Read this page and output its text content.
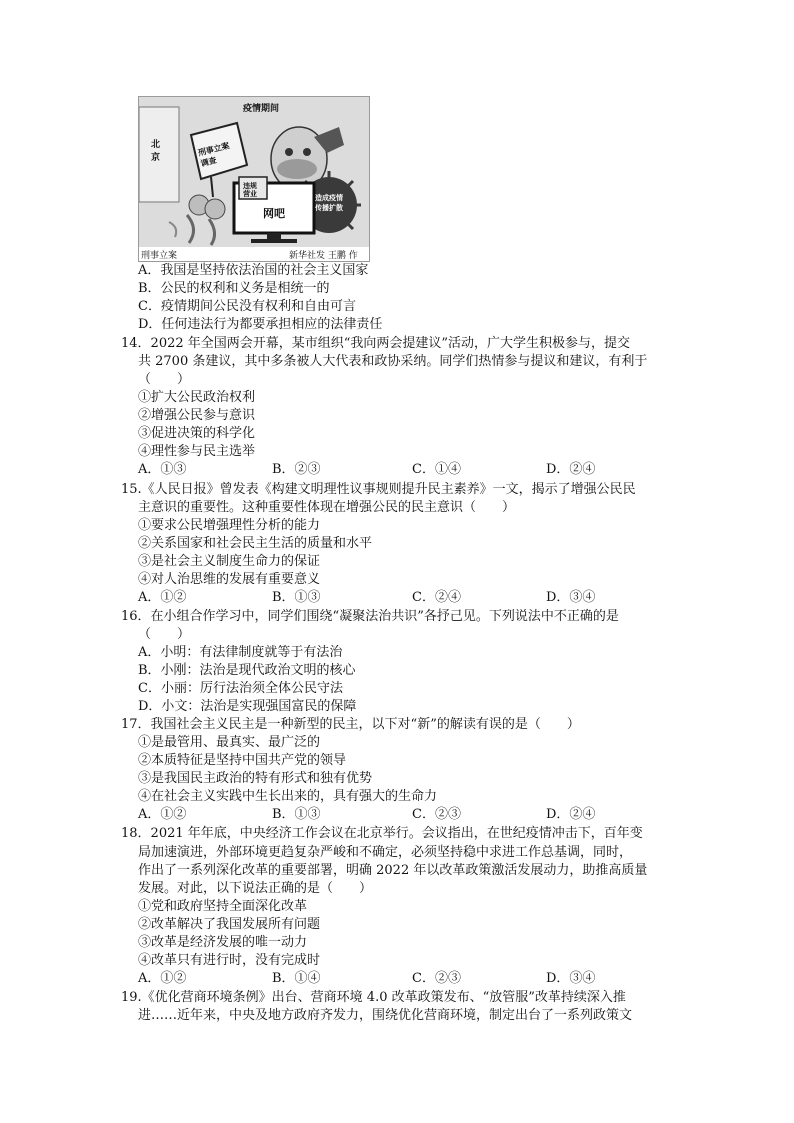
疫情期间
北京
刑事立案调查
违规
营业
网吧
造成疫情传播扩散
刑事立案	新华社发 王鹏 作
A．我国是坚持依法治国的社会主义国家
B．公民的权利和义务是相统一的
C．疫情期间公民没有权利和自由可言
D．任何违法行为都要承担相应的法律责任
14．2022 年全国两会开幕，某市组织“我向两会提建议”活动，广大学生积极参与，提交
共 2700 条建议，其中多条被人大代表和政协采纳。同学们热情参与提议和建议，有利于
（　　）
①扩大公民政治权利
②增强公民参与意识
③促进决策的科学化
④理性参与民主选举
A．①③	B．②③	C．①④	D．②④
15.《人民日报》曾发表《构建文明理性议事规则提升民主素养》一文，揭示了增强公民民
主意识的重要性。这种重要性体现在增强公民的民主意识（　　）
①要求公民增强理性分析的能力
②关系国家和社会民主生活的质量和水平
③是社会主义制度生命力的保证
④对人治思维的发展有重要意义
A．①②	B．①③	C．②④	D．③④
16．在小组合作学习中，同学们围绕“凝聚法治共识”各抒己见。下列说法中不正确的是
（　　）
A．小明：有法律制度就等于有法治
B．小刚：法治是现代政治文明的核心
C．小丽：厉行法治须全体公民守法
D．小文：法治是实现强国富民的保障
17．我国社会主义民主是一种新型的民主，以下对“新”的解读有误的是（　　）
①是最管用、最真实、最广泛的
②本质特征是坚持中国共产党的领导
③是我国民主政治的特有形式和独有优势
④在社会主义实践中生长出来的，具有强大的生命力
A．①②	B．①③	C．②③	D．②④
18．2021 年年底，中央经济工作会议在北京举行。会议指出，在世纪疫情冲击下，百年变
局加速演进，外部环境更趋复杂严峻和不确定，必须坚持稳中求进工作总基调，同时，
作出了一系列深化改革的重要部署，明确 2022 年以改革政策激活发展动力，助推高质量
发展。对此，以下说法正确的是（　　）
①党和政府坚持全面深化改革
②改革解决了我国发展所有问题
③改革是经济发展的唯一动力
④改革只有进行时，没有完成时
A．①②	B．①④	C．②③	D．③④
19.《优化营商环境条例》出台、营商环境 4.0 改革政策发布、“放管服”改革持续深入推
进……近年来，中央及地方政府齐发力，围绕优化营商环境，制定出台了一系列政策文
